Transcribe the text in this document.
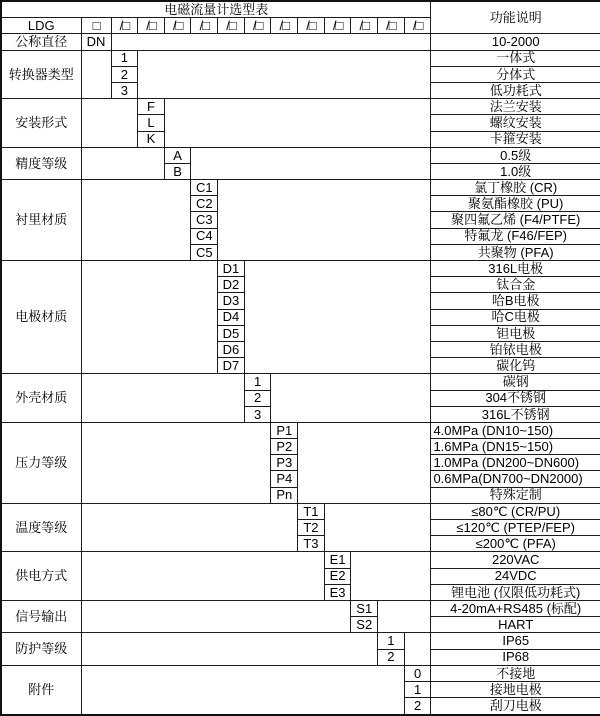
电磁流量计选型表														功能说明
LDG	□	/□	/□	/□	/□	/□	/□	/□	/□	/□	/□	/□	/□	
公称直径	DN													10-2000
转换器类型		1												一体式
		2												分体式
		3												低功耗式
安装形式			F											法兰安装
			L											螺纹安装
			K											卡箍安装
精度等级				A										0.5级
				B										1.0级
衬里材质					C1									氯丁橡胶 (CR)
					C2									聚氨酯橡胶 (PU)
					C3									聚四氟乙烯 (F4/PTFE)
					C4									特氟龙 (F46/FEP)
					C5									共聚物 (PFA)
电极材质						D1								316L电极
						D2								钛合金
						D3								哈B电极
						D4								哈C电极
						D5								钽电极
						D6								铂铱电极
						D7								碳化钨
外壳材质							1							碳钢
							2							304不锈钢
							3							316L不锈钢
压力等级								P1						4.0MPa (DN10~150)
								P2						1.6MPa (DN15~150)
								P3						1.0MPa (DN200~DN600)
								P4						0.6MPa(DN700~DN2000)
								Pn						特殊定制
温度等级									T1					≤80℃ (CR/PU)
									T2					≤120℃ (PTEP/FEP)
									T3					≤200℃ (PFA)
供电方式										E1				220VAC
										E2				24VDC
										E3				锂电池 (仅限低功耗式)
信号输出											S1			4-20mA+RS485 (标配)
											S2			HART
防护等级												1		IP65
												2		IP68
附件													0	不接地
													1	接地电极
													2	刮刀电极
